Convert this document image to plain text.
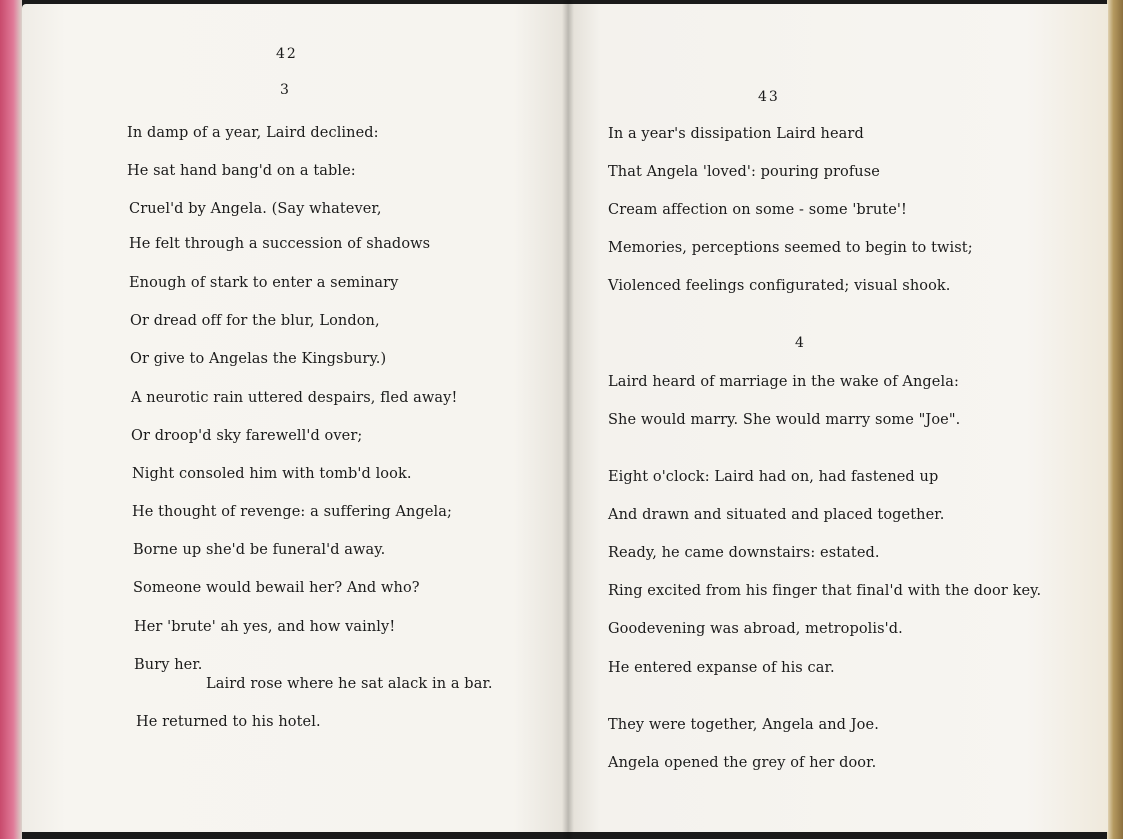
42
3
In damp of a year, Laird declined:
He sat hand bang'd on a table:
Cruel'd by Angela. (Say whatever,
He felt through a succession of shadows
Enough of stark to enter a seminary
Or dread off for the blur, London,
Or give to Angelas the Kingsbury.)
A neurotic rain uttered despairs, fled away!
Or droop'd sky farewell'd over;
Night consoled him with tomb'd look.
He thought of revenge: a suffering Angela;
Borne up she'd be funeral'd away.
Someone would bewail her? And who?
Her 'brute' ah yes, and how vainly!
Bury her.
Laird rose where he sat alack in a bar.
He returned to his hotel.
43
In a year's dissipation Laird heard
That Angela 'loved': pouring profuse
Cream affection on some - some 'brute'!
Memories, perceptions seemed to begin to twist;
Violenced feelings configurated; visual shook.
4
Laird heard of marriage in the wake of Angela:
She would marry. She would marry some "Joe".
Eight o'clock: Laird had on, had fastened up
And drawn and situated and placed together.
Ready, he came downstairs: estated.
Ring excited from his finger that final'd with the door key.
Goodevening was abroad, metropolis'd.
He entered expanse of his car.
They were together, Angela and Joe.
Angela opened the grey of her door.
